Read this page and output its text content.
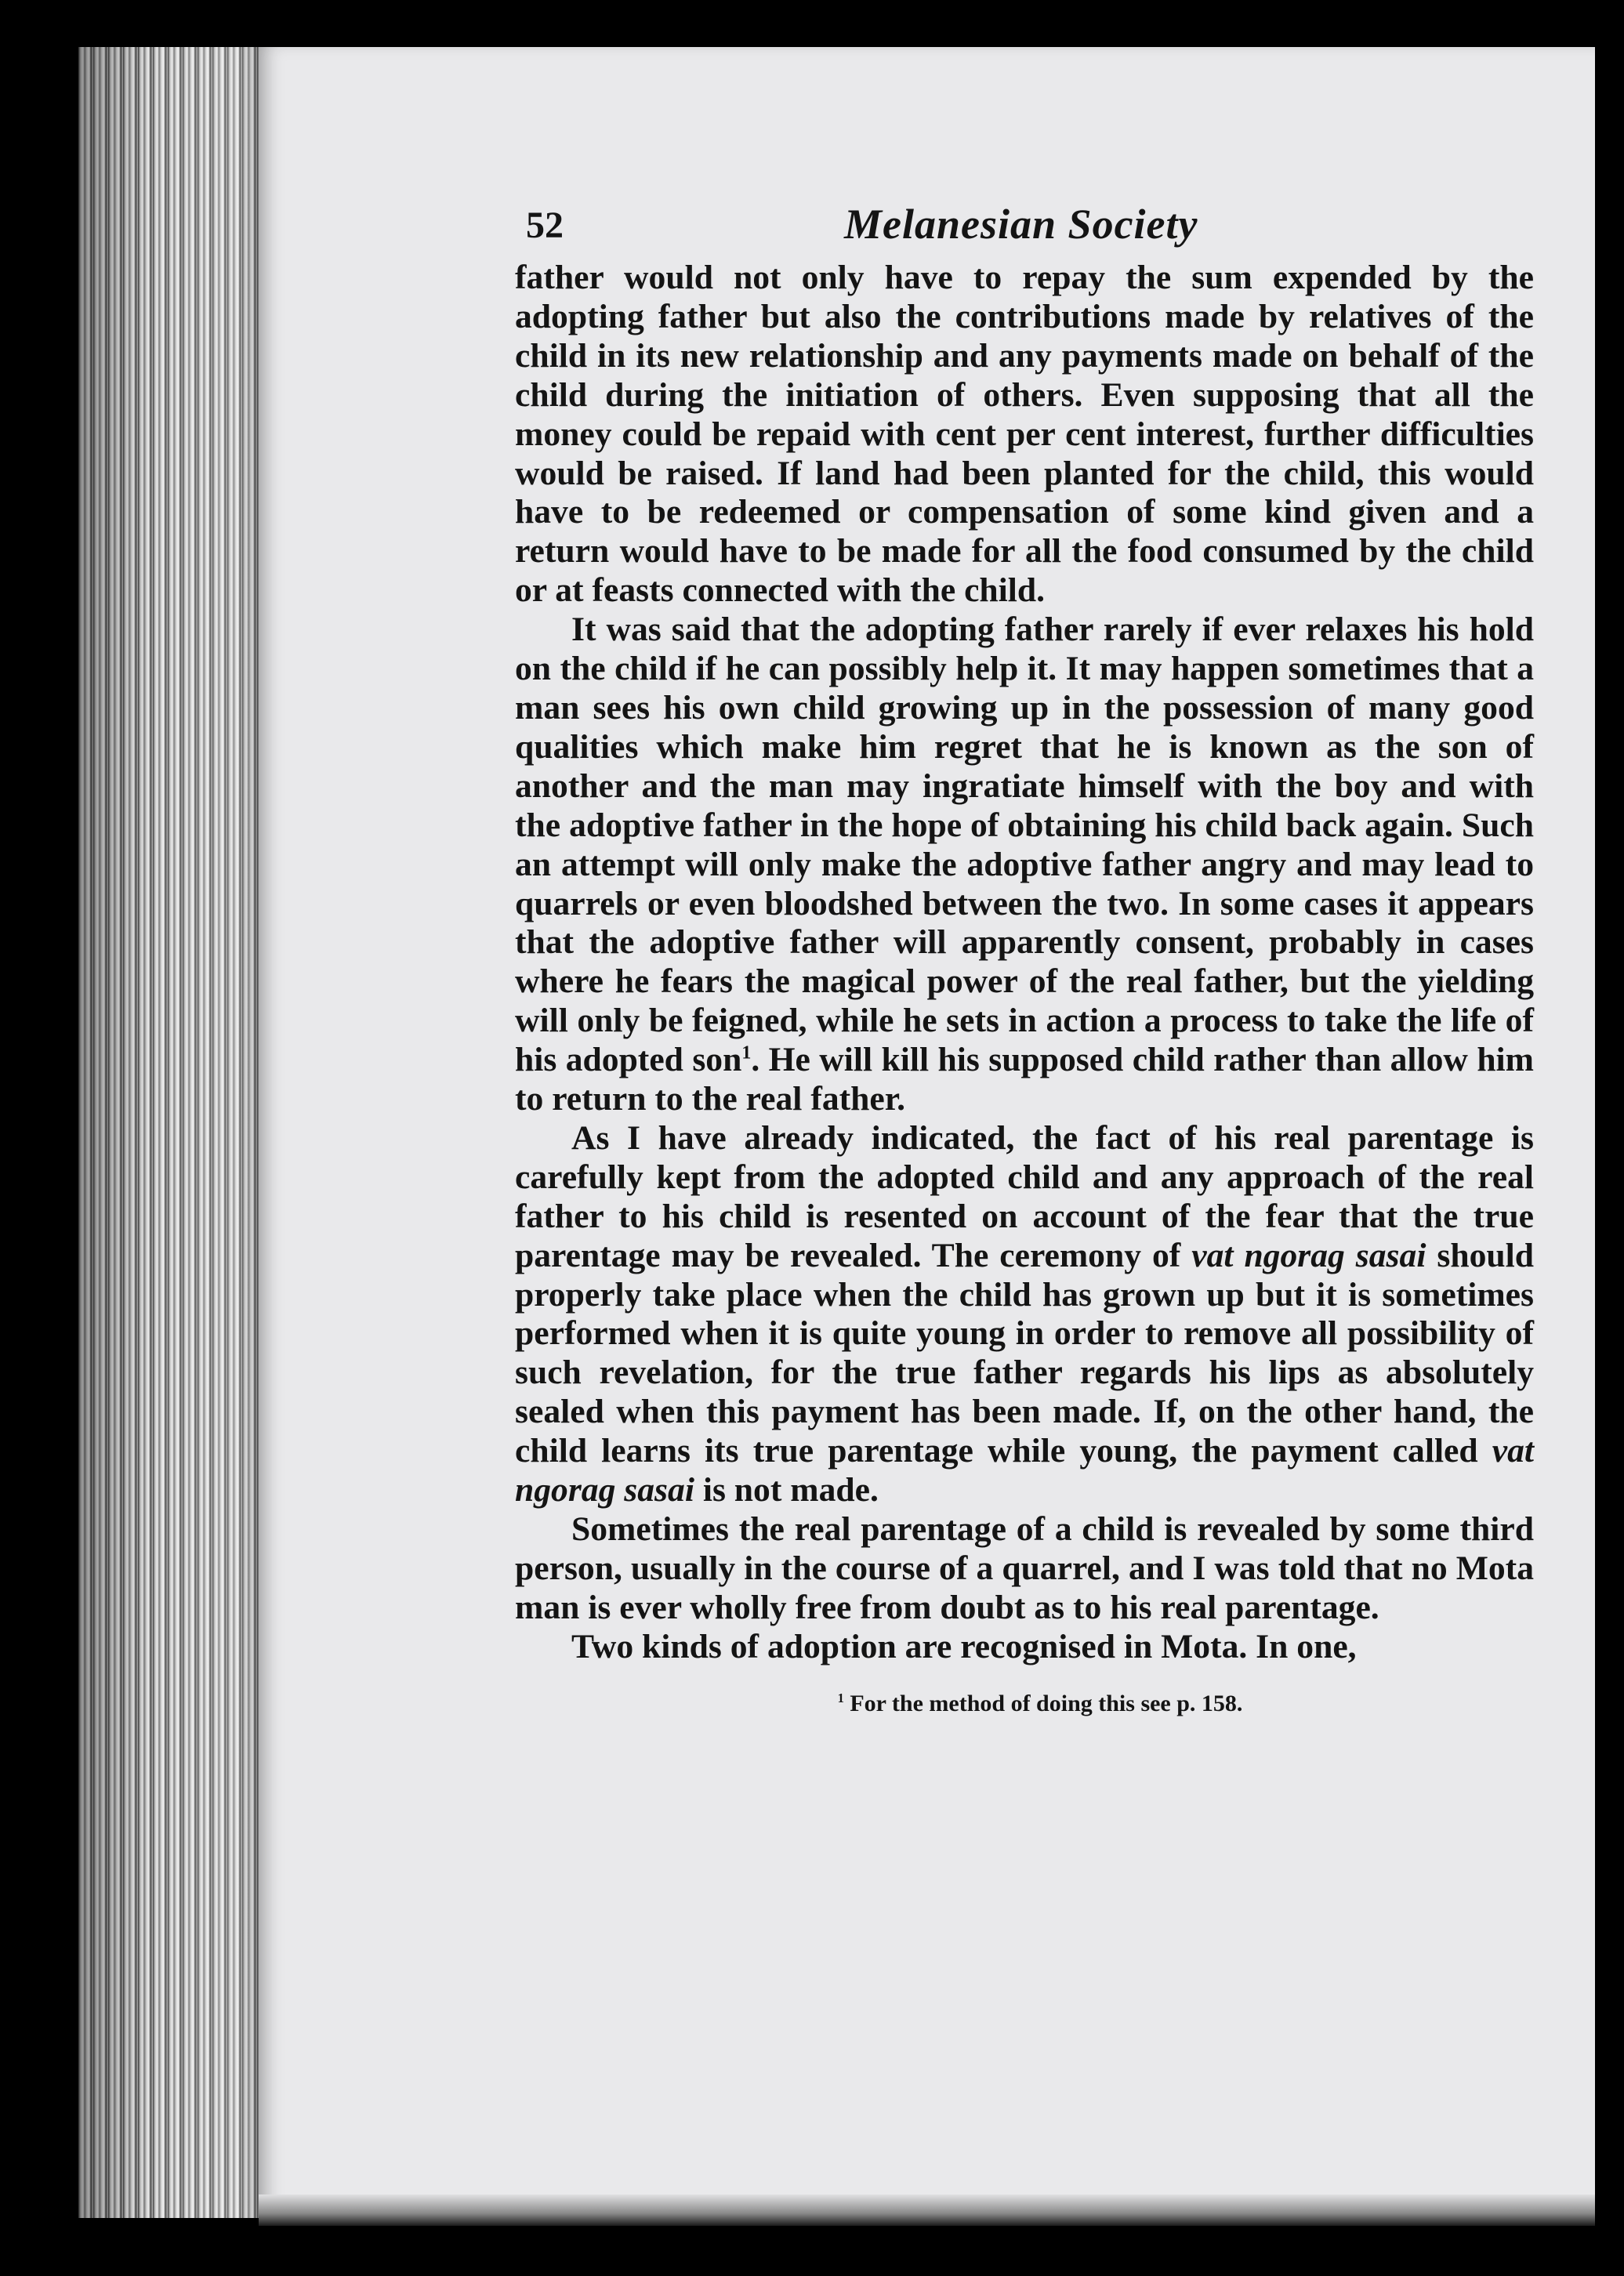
52	Melanesian Society

father would not only have to repay the sum expended by the adopting father but also the contributions made by relatives of the child in its new relationship and any payments made on behalf of the child during the initiation of others. Even supposing that all the money could be repaid with cent per cent interest, further difficulties would be raised. If land had been planted for the child, this would have to be redeemed or compensation of some kind given and a return would have to be made for all the food consumed by the child or at feasts connected with the child.

It was said that the adopting father rarely if ever relaxes his hold on the child if he can possibly help it. It may happen sometimes that a man sees his own child growing up in the possession of many good qualities which make him regret that he is known as the son of another and the man may ingratiate himself with the boy and with the adoptive father in the hope of obtaining his child back again. Such an attempt will only make the adoptive father angry and may lead to quarrels or even bloodshed between the two. In some cases it appears that the adoptive father will apparently consent, probably in cases where he fears the magical power of the real father, but the yielding will only be feigned, while he sets in action a process to take the life of his adopted son$^1$. He will kill his supposed child rather than allow him to return to the real father.

As I have already indicated, the fact of his real parentage is carefully kept from the adopted child and any approach of the real father to his child is resented on account of the fear that the true parentage may be revealed. The ceremony of vat ngorag sasai should properly take place when the child has grown up but it is sometimes performed when it is quite young in order to remove all possibility of such revelation, for the true father regards his lips as absolutely sealed when this payment has been made. If, on the other hand, the child learns its true parentage while young, the payment called vat ngorag sasai is not made.

Sometimes the real parentage of a child is revealed by some third person, usually in the course of a quarrel, and I was told that no Mota man is ever wholly free from doubt as to his real parentage.

Two kinds of adoption are recognised in Mota. In one,

$^1$ For the method of doing this see p. 158.
